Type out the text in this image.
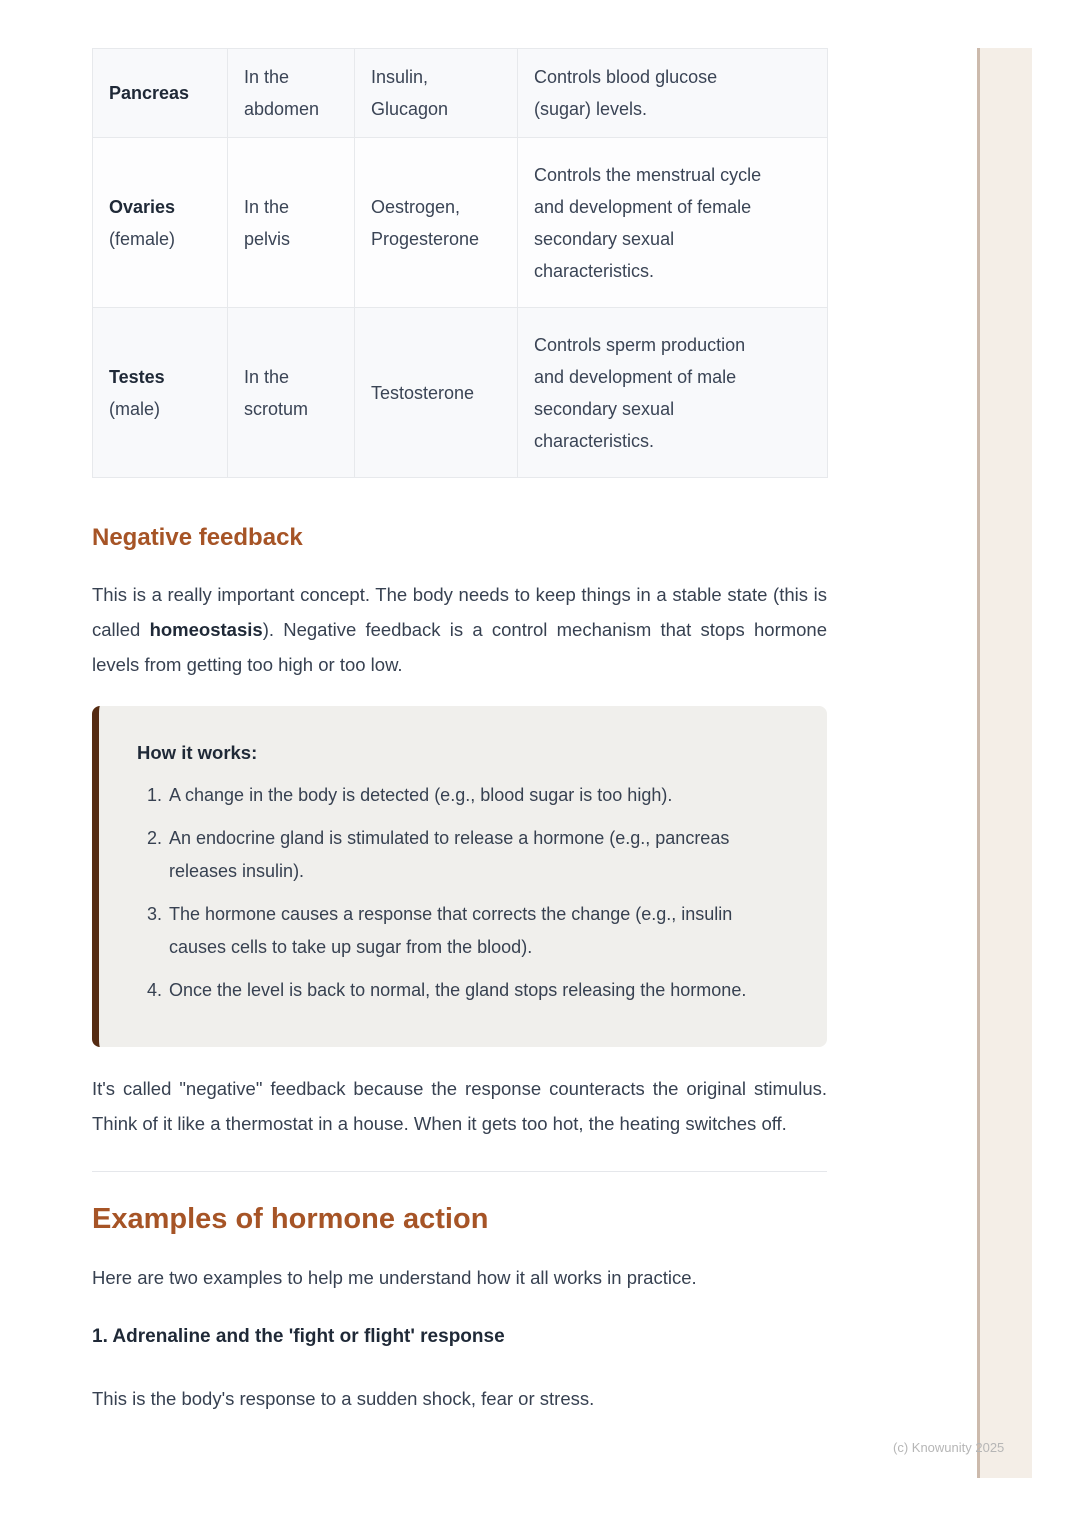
(c) Knowunity 2025
Pancreas	In the abdomen	Insulin, Glucagon	Controls blood glucose (sugar) levels.

Ovaries
(female)	In the pelvis	Oestrogen, Progesterone	Controls the menstrual cycle and development of female secondary sexual characteristics.

Testes
(male)	In the scrotum	Testosterone	Controls sperm production and development of male secondary sexual characteristics.
Negative feedback

This is a really important concept. The body needs to keep things in a stable state (this is called homeostasis). Negative feedback is a control mechanism that stops hormone levels from getting too high or too low.

How it works:
1. A change in the body is detected (e.g., blood sugar is too high).
2. An endocrine gland is stimulated to release a hormone (e.g., pancreas releases insulin).
3. The hormone causes a response that corrects the change (e.g., insulin causes cells to take up sugar from the blood).
4. Once the level is back to normal, the gland stops releasing the hormone.

It's called "negative" feedback because the response counteracts the original stimulus. Think of it like a thermostat in a house. When it gets too hot, the heating switches off.

Examples of hormone action

Here are two examples to help me understand how it all works in practice.

1. Adrenaline and the 'fight or flight' response

This is the body's response to a sudden shock, fear or stress.
